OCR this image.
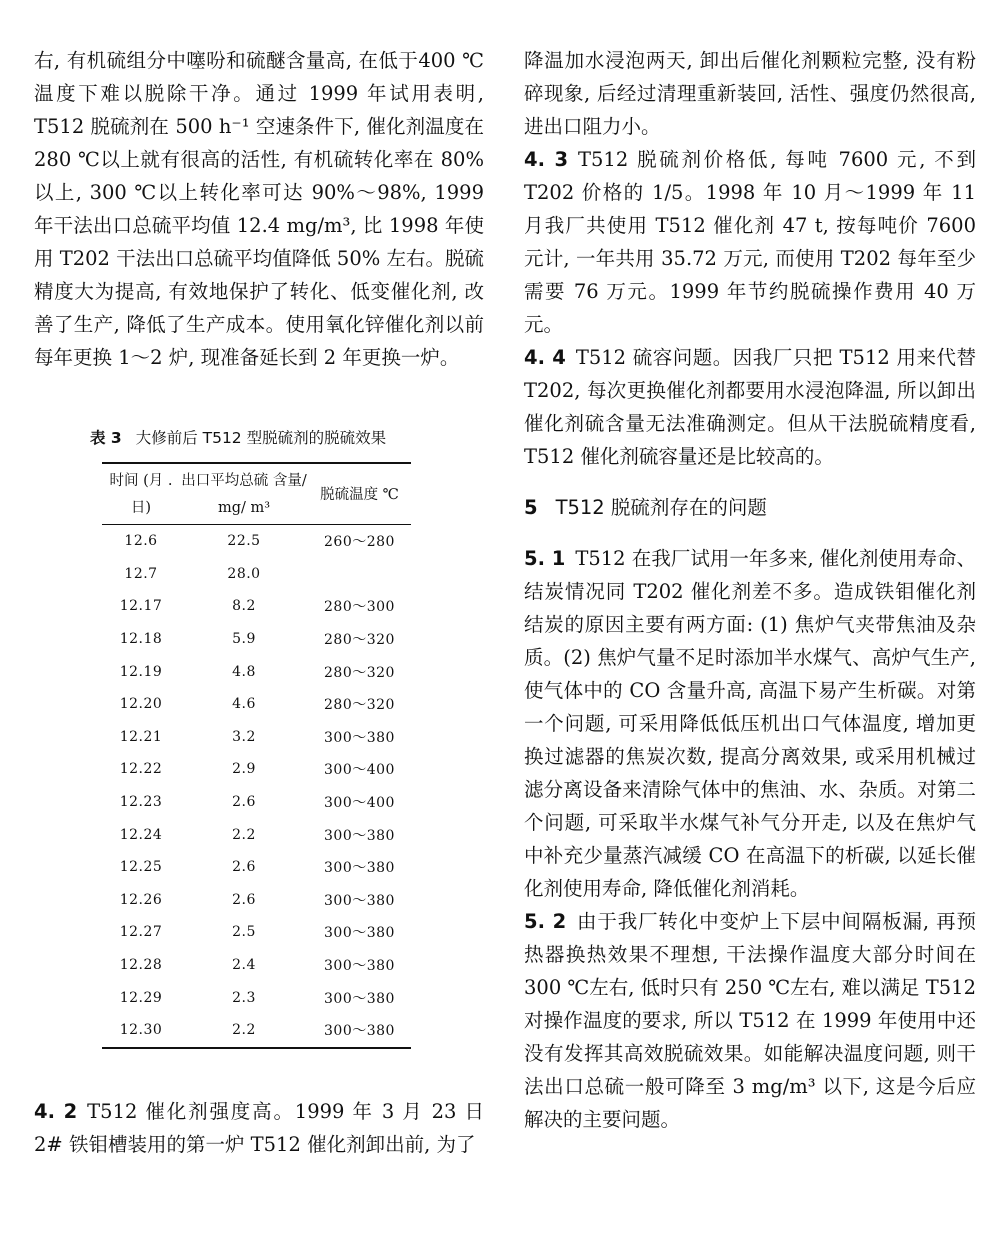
右, 有机硫组分中噻吩和硫醚含量高, 在低于400 ℃温度下难以脱除干净。通过 1999 年试用表明, T512 脱硫剂在 500 h⁻¹ 空速条件下, 催化剂温度在 280 ℃以上就有很高的活性, 有机硫转化率在 80% 以上, 300 ℃以上转化率可达 90%～98%, 1999 年干法出口总硫平均值 12.4 mg/m³, 比 1998 年使用 T202 干法出口总硫平均值降低 50% 左右。脱硫精度大为提高, 有效地保护了转化、低变催化剂, 改善了生产, 降低了生产成本。使用氧化锌催化剂以前每年更换 1～2 炉, 现准备延长到 2 年更换一炉。

表 3 大修前后 T512 型脱硫剂的脱硫效果
时间 (月 . 日)	出口平均总硫 含量/ mg/ m³	脱硫温度 ℃
12.6	22.5	260～280
12.7	28.0	
12.17	8.2	280～300
12.18	5.9	280～320
12.19	4.8	280～320
12.20	4.6	280～320
12.21	3.2	300～380
12.22	2.9	300～400
12.23	2.6	300～400
12.24	2.2	300～380
12.25	2.6	300～380
12.26	2.6	300～380
12.27	2.5	300～380
12.28	2.4	300～380
12.29	2.3	300～380
12.30	2.2	300～380

4. 2 T512 催化剂强度高。1999 年 3 月 23 日 2# 铁钼槽装用的第一炉 T512 催化剂卸出前, 为了

降温加水浸泡两天, 卸出后催化剂颗粒完整, 没有粉碎现象, 后经过清理重新装回, 活性、强度仍然很高, 进出口阻力小。

4. 3 T512 脱硫剂价格低, 每吨 7600 元, 不到 T202 价格的 1/5。1998 年 10 月～1999 年 11 月我厂共使用 T512 催化剂 47 t, 按每吨价 7600 元计, 一年共用 35.72 万元, 而使用 T202 每年至少需要 76 万元。1999 年节约脱硫操作费用 40 万元。

4. 4 T512 硫容问题。因我厂只把 T512 用来代替 T202, 每次更换催化剂都要用水浸泡降温, 所以卸出催化剂硫含量无法准确测定。但从干法脱硫精度看, T512 催化剂硫容量还是比较高的。

5 T512 脱硫剂存在的问题

5. 1 T512 在我厂试用一年多来, 催化剂使用寿命、结炭情况同 T202 催化剂差不多。造成铁钼催化剂结炭的原因主要有两方面: (1) 焦炉气夹带焦油及杂质。(2) 焦炉气量不足时添加半水煤气、高炉气生产, 使气体中的 CO 含量升高, 高温下易产生析碳。对第一个问题, 可采用降低低压机出口气体温度, 增加更换过滤器的焦炭次数, 提高分离效果, 或采用机械过滤分离设备来清除气体中的焦油、水、杂质。对第二个问题, 可采取半水煤气补气分开走, 以及在焦炉气中补充少量蒸汽减缓 CO 在高温下的析碳, 以延长催化剂使用寿命, 降低催化剂消耗。

5. 2 由于我厂转化中变炉上下层中间隔板漏, 再预热器换热效果不理想, 干法操作温度大部分时间在 300 ℃左右, 低时只有 250 ℃左右, 难以满足 T512 对操作温度的要求, 所以 T512 在 1999 年使用中还没有发挥其高效脱硫效果。如能解决温度问题, 则干法出口总硫一般可降至 3 mg/m³ 以下, 这是今后应解决的主要问题。
